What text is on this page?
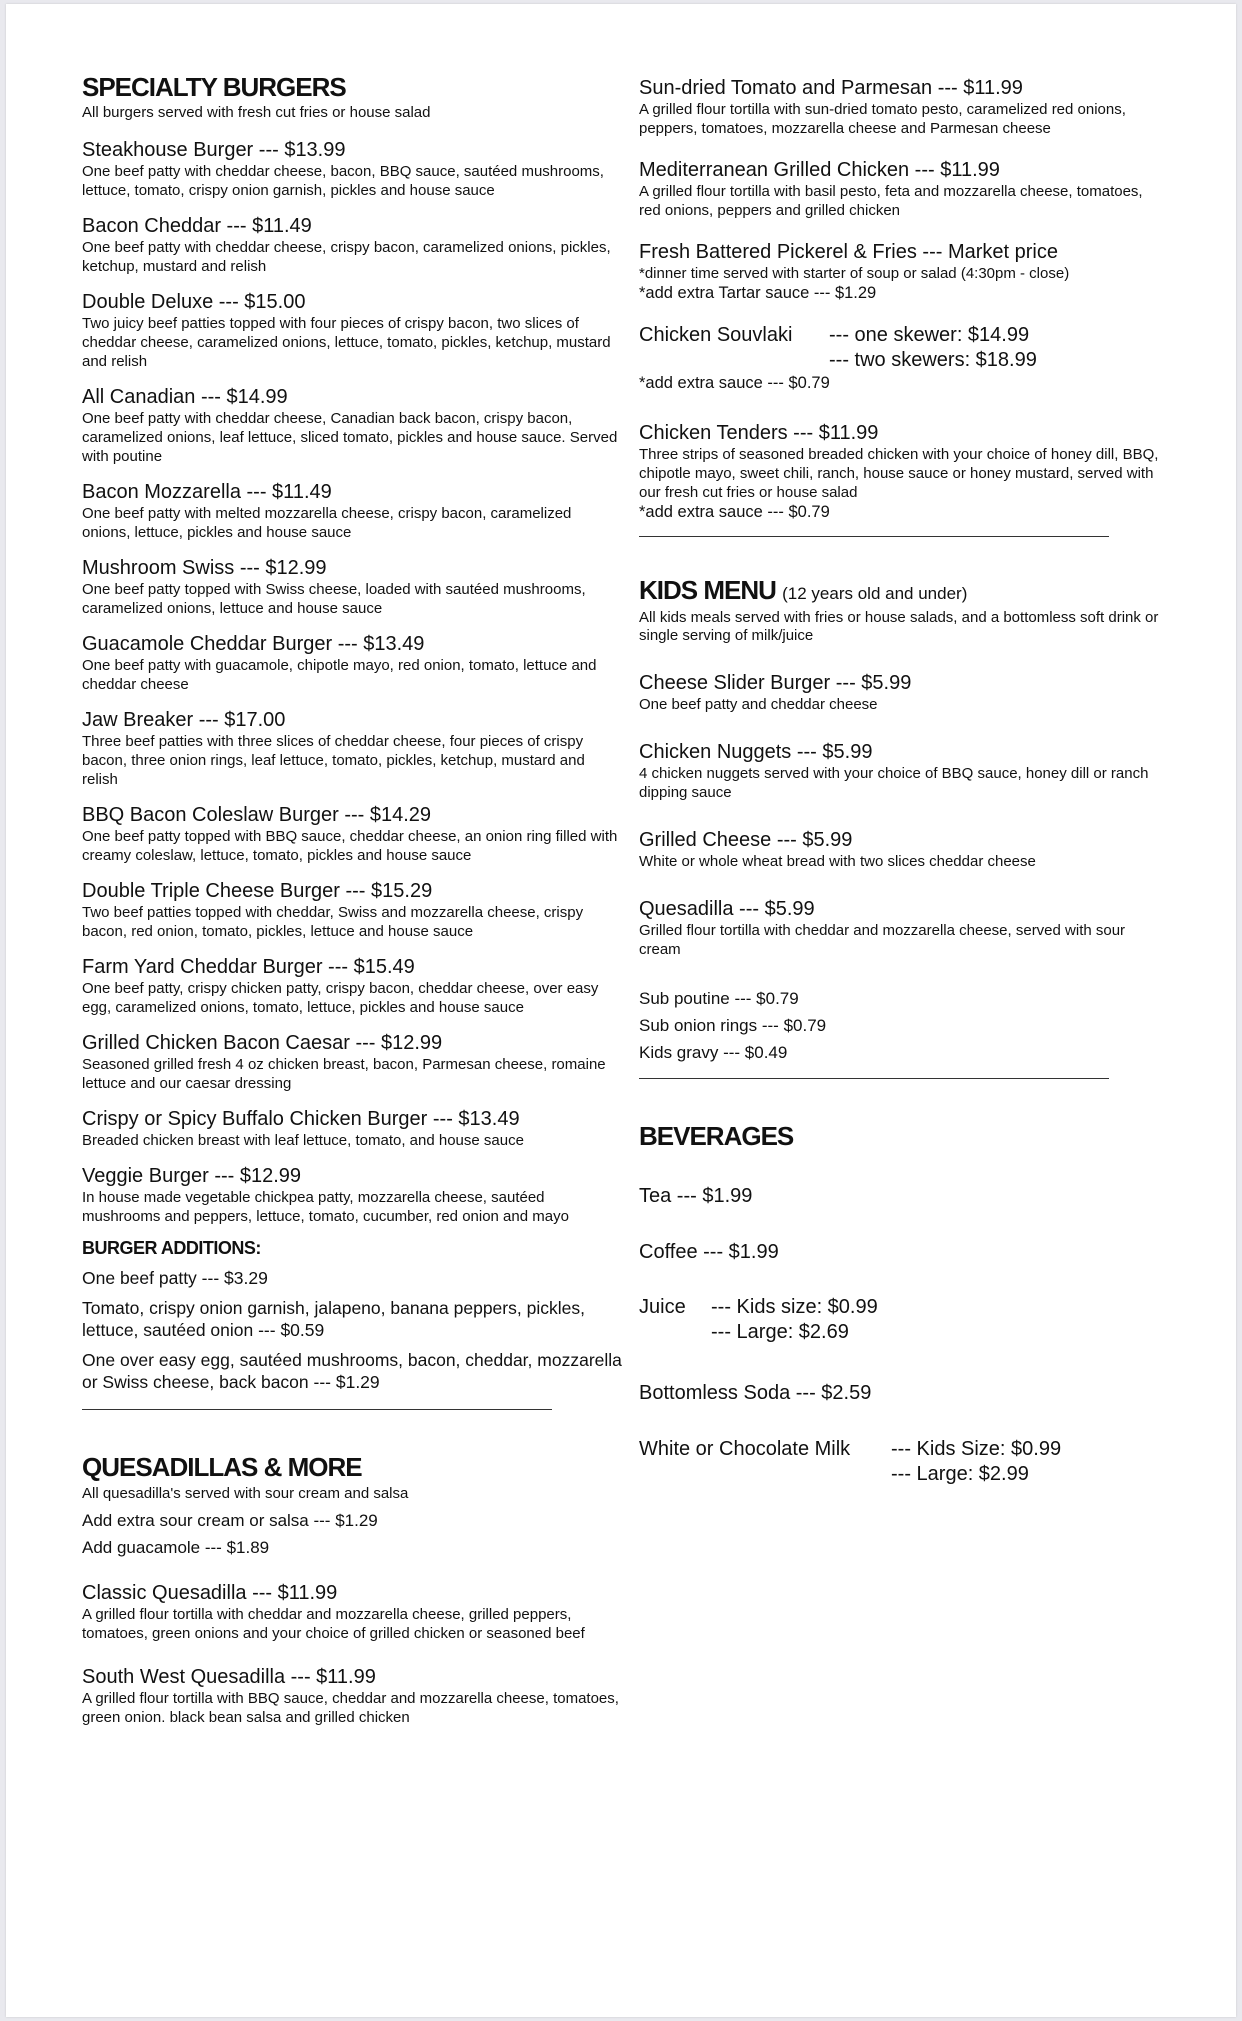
SPECIALTY BURGERS
All burgers served with fresh cut fries or house salad
Steakhouse Burger --- $13.99
One beef patty with cheddar cheese, bacon, BBQ sauce, sautéed mushrooms, lettuce, tomato, crispy onion garnish, pickles and house sauce
Bacon Cheddar --- $11.49
One beef patty with cheddar cheese, crispy bacon, caramelized onions, pickles, ketchup, mustard and relish
Double Deluxe --- $15.00
Two juicy beef patties topped with four pieces of crispy bacon, two slices of cheddar cheese, caramelized onions, lettuce, tomato, pickles, ketchup, mustard and relish
All Canadian --- $14.99
One beef patty with cheddar cheese, Canadian back bacon, crispy bacon, caramelized onions, leaf lettuce, sliced tomato, pickles and house sauce. Served with poutine
Bacon Mozzarella --- $11.49
One beef patty with melted mozzarella cheese, crispy bacon, caramelized onions, lettuce, pickles and house sauce
Mushroom Swiss --- $12.99
One beef patty topped with Swiss cheese, loaded with sautéed mushrooms, caramelized onions, lettuce and house sauce
Guacamole Cheddar Burger --- $13.49
One beef patty with guacamole, chipotle mayo, red onion, tomato, lettuce and cheddar cheese
Jaw Breaker --- $17.00
Three beef patties with three slices of cheddar cheese, four pieces of crispy bacon, three onion rings, leaf lettuce, tomato, pickles, ketchup, mustard and relish
BBQ Bacon Coleslaw Burger --- $14.29
One beef patty topped with BBQ sauce, cheddar cheese, an onion ring filled with creamy coleslaw, lettuce, tomato, pickles and house sauce
Double Triple Cheese Burger --- $15.29
Two beef patties topped with cheddar, Swiss and mozzarella cheese, crispy bacon, red onion, tomato, pickles, lettuce and house sauce
Farm Yard Cheddar Burger --- $15.49
One beef patty, crispy chicken patty, crispy bacon, cheddar cheese, over easy egg, caramelized onions, tomato, lettuce, pickles and house sauce
Grilled Chicken Bacon Caesar --- $12.99
Seasoned grilled fresh 4 oz chicken breast, bacon, Parmesan cheese, romaine lettuce and our caesar dressing
Crispy or Spicy Buffalo Chicken Burger --- $13.49
Breaded chicken breast with leaf lettuce, tomato, and house sauce
Veggie Burger --- $12.99
In house made vegetable chickpea patty, mozzarella cheese, sautéed mushrooms and peppers, lettuce, tomato, cucumber, red onion and mayo
BURGER ADDITIONS:
One beef patty --- $3.29
Tomato, crispy onion garnish, jalapeno, banana peppers, pickles, lettuce, sautéed onion --- $0.59
One over easy egg, sautéed mushrooms, bacon, cheddar, mozzarella or Swiss cheese, back bacon --- $1.29
QUESADILLAS & MORE
All quesadilla's served with sour cream and salsa
Add extra sour cream or salsa --- $1.29
Add guacamole --- $1.89
Classic Quesadilla --- $11.99
A grilled flour tortilla with cheddar and mozzarella cheese, grilled peppers, tomatoes, green onions and your choice of grilled chicken or seasoned beef
South West Quesadilla --- $11.99
A grilled flour tortilla with BBQ sauce, cheddar and mozzarella cheese, tomatoes, green onion. black bean salsa and grilled chicken
Sun-dried Tomato and Parmesan --- $11.99
A grilled flour tortilla with sun-dried tomato pesto, caramelized red onions, peppers, tomatoes, mozzarella cheese and Parmesan cheese
Mediterranean Grilled Chicken --- $11.99
A grilled flour tortilla with basil pesto, feta and mozzarella cheese, tomatoes, red onions, peppers and grilled chicken
Fresh Battered Pickerel & Fries --- Market price
*dinner time served with starter of soup or salad (4:30pm - close)
*add extra Tartar sauce --- $1.29
Chicken Souvlaki	--- one skewer: $14.99
--- two skewers: $18.99
*add extra sauce --- $0.79
Chicken Tenders --- $11.99
Three strips of seasoned breaded chicken with your choice of honey dill, BBQ, chipotle mayo, sweet chili, ranch, house sauce or honey mustard, served with our fresh cut fries or house salad
*add extra sauce --- $0.79
KIDS MENU (12 years old and under)
All kids meals served with fries or house salads, and a bottomless soft drink or single serving of milk/juice
Cheese Slider Burger --- $5.99
One beef patty and cheddar cheese
Chicken Nuggets --- $5.99
4 chicken nuggets served with your choice of BBQ sauce, honey dill or ranch dipping sauce
Grilled Cheese --- $5.99
White or whole wheat bread with two slices cheddar cheese
Quesadilla --- $5.99
Grilled flour tortilla with cheddar and mozzarella cheese, served with sour cream
Sub poutine --- $0.79
Sub onion rings --- $0.79
Kids gravy --- $0.49
BEVERAGES
Tea --- $1.99
Coffee --- $1.99
Juice	--- Kids size: $0.99
--- Large: $2.69
Bottomless Soda --- $2.59
White or Chocolate Milk	--- Kids Size: $0.99
--- Large: $2.99
